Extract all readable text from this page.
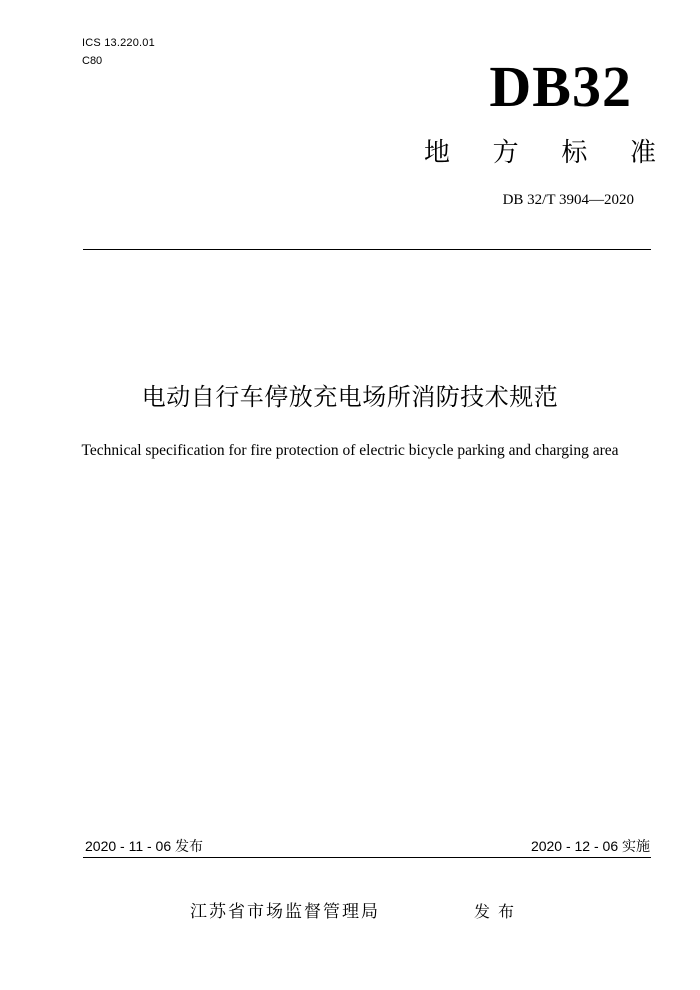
ICS 13.220.01
C80	DB32
地 方 标 准
DB 32/T 3904—2020
电动自行车停放充电场所消防技术规范
Technical specification for fire protection of electric bicycle parking and charging area
2020 - 11 - 06 发布	2020 - 12 - 06 实施
江苏省市场监督管理局	发布
